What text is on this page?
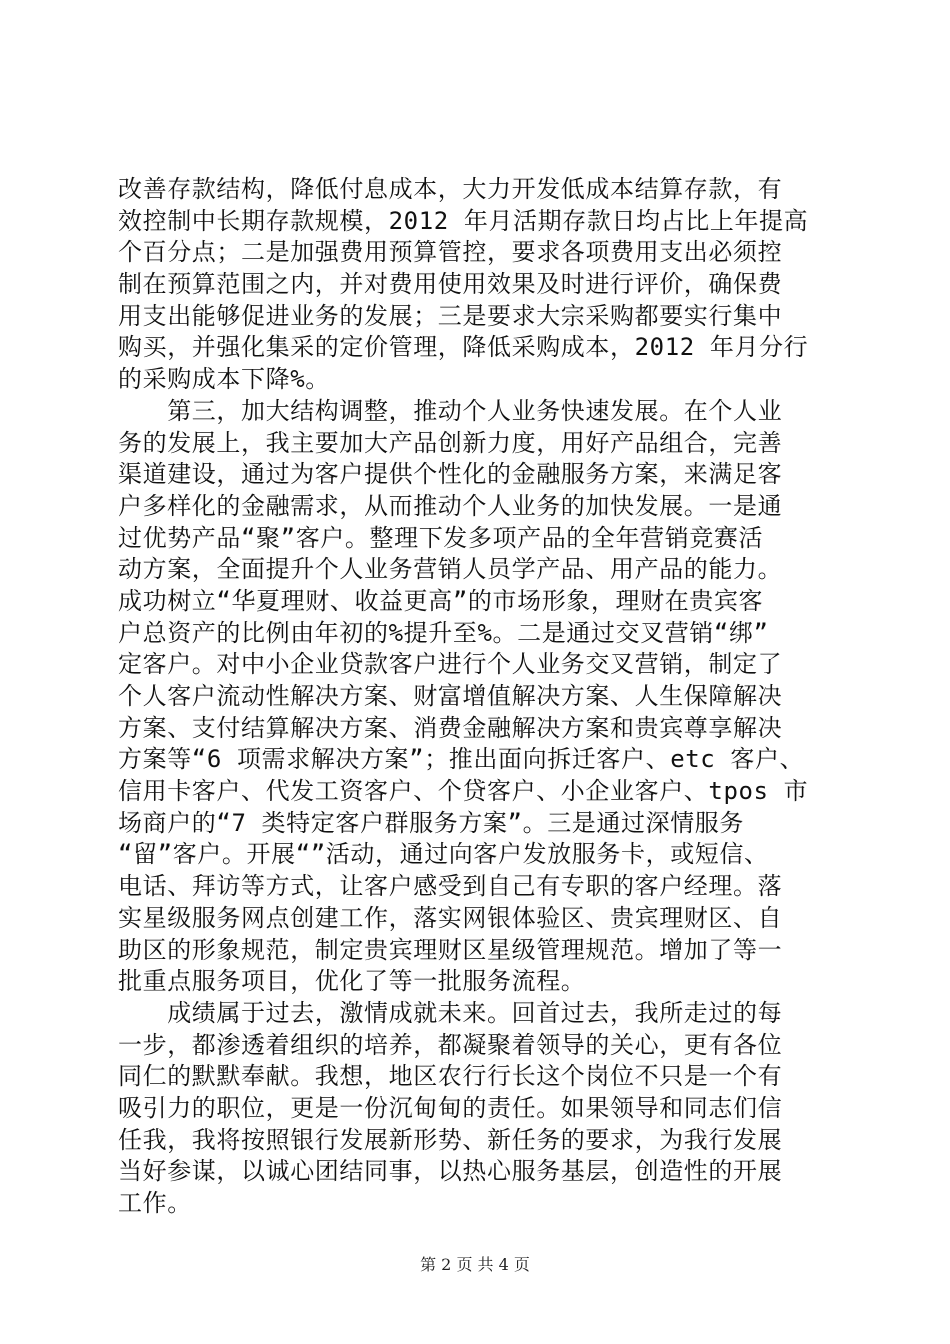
改善存款结构，降低付息成本，大力开发低成本结算存款，有
效控制中长期存款规模，2012 年月活期存款日均占比上年提高
个百分点；二是加强费用预算管控，要求各项费用支出必须控
制在预算范围之内，并对费用使用效果及时进行评价，确保费
用支出能够促进业务的发展；三是要求大宗采购都要实行集中
购买，并强化集采的定价管理，降低采购成本，2012 年月分行
的采购成本下降%。
　　第三，加大结构调整，推动个人业务快速发展。在个人业
务的发展上，我主要加大产品创新力度，用好产品组合，完善
渠道建设，通过为客户提供个性化的金融服务方案，来满足客
户多样化的金融需求，从而推动个人业务的加快发展。一是通
过优势产品“聚”客户。整理下发多项产品的全年营销竞赛活
动方案，全面提升个人业务营销人员学产品、用产品的能力。
成功树立“华夏理财、收益更高”的市场形象，理财在贵宾客
户总资产的比例由年初的%提升至%。二是通过交叉营销“绑”
定客户。对中小企业贷款客户进行个人业务交叉营销，制定了
个人客户流动性解决方案、财富增值解决方案、人生保障解决
方案、支付结算解决方案、消费金融解决方案和贵宾尊享解决
方案等“6 项需求解决方案”；推出面向拆迁客户、etc 客户、
信用卡客户、代发工资客户、个贷客户、小企业客户、tpos 市
场商户的“7 类特定客户群服务方案”。三是通过深情服务
“留”客户。开展“”活动，通过向客户发放服务卡，或短信、
电话、拜访等方式，让客户感受到自己有专职的客户经理。落
实星级服务网点创建工作，落实网银体验区、贵宾理财区、自
助区的形象规范，制定贵宾理财区星级管理规范。增加了等一
批重点服务项目，优化了等一批服务流程。
　　成绩属于过去，激情成就未来。回首过去，我所走过的每
一步，都渗透着组织的培养，都凝聚着领导的关心，更有各位
同仁的默默奉献。我想，地区农行行长这个岗位不只是一个有
吸引力的职位，更是一份沉甸甸的责任。如果领导和同志们信
任我，我将按照银行发展新形势、新任务的要求，为我行发展
当好参谋，以诚心团结同事，以热心服务基层，创造性的开展
工作。
第 2 页 共 4 页
